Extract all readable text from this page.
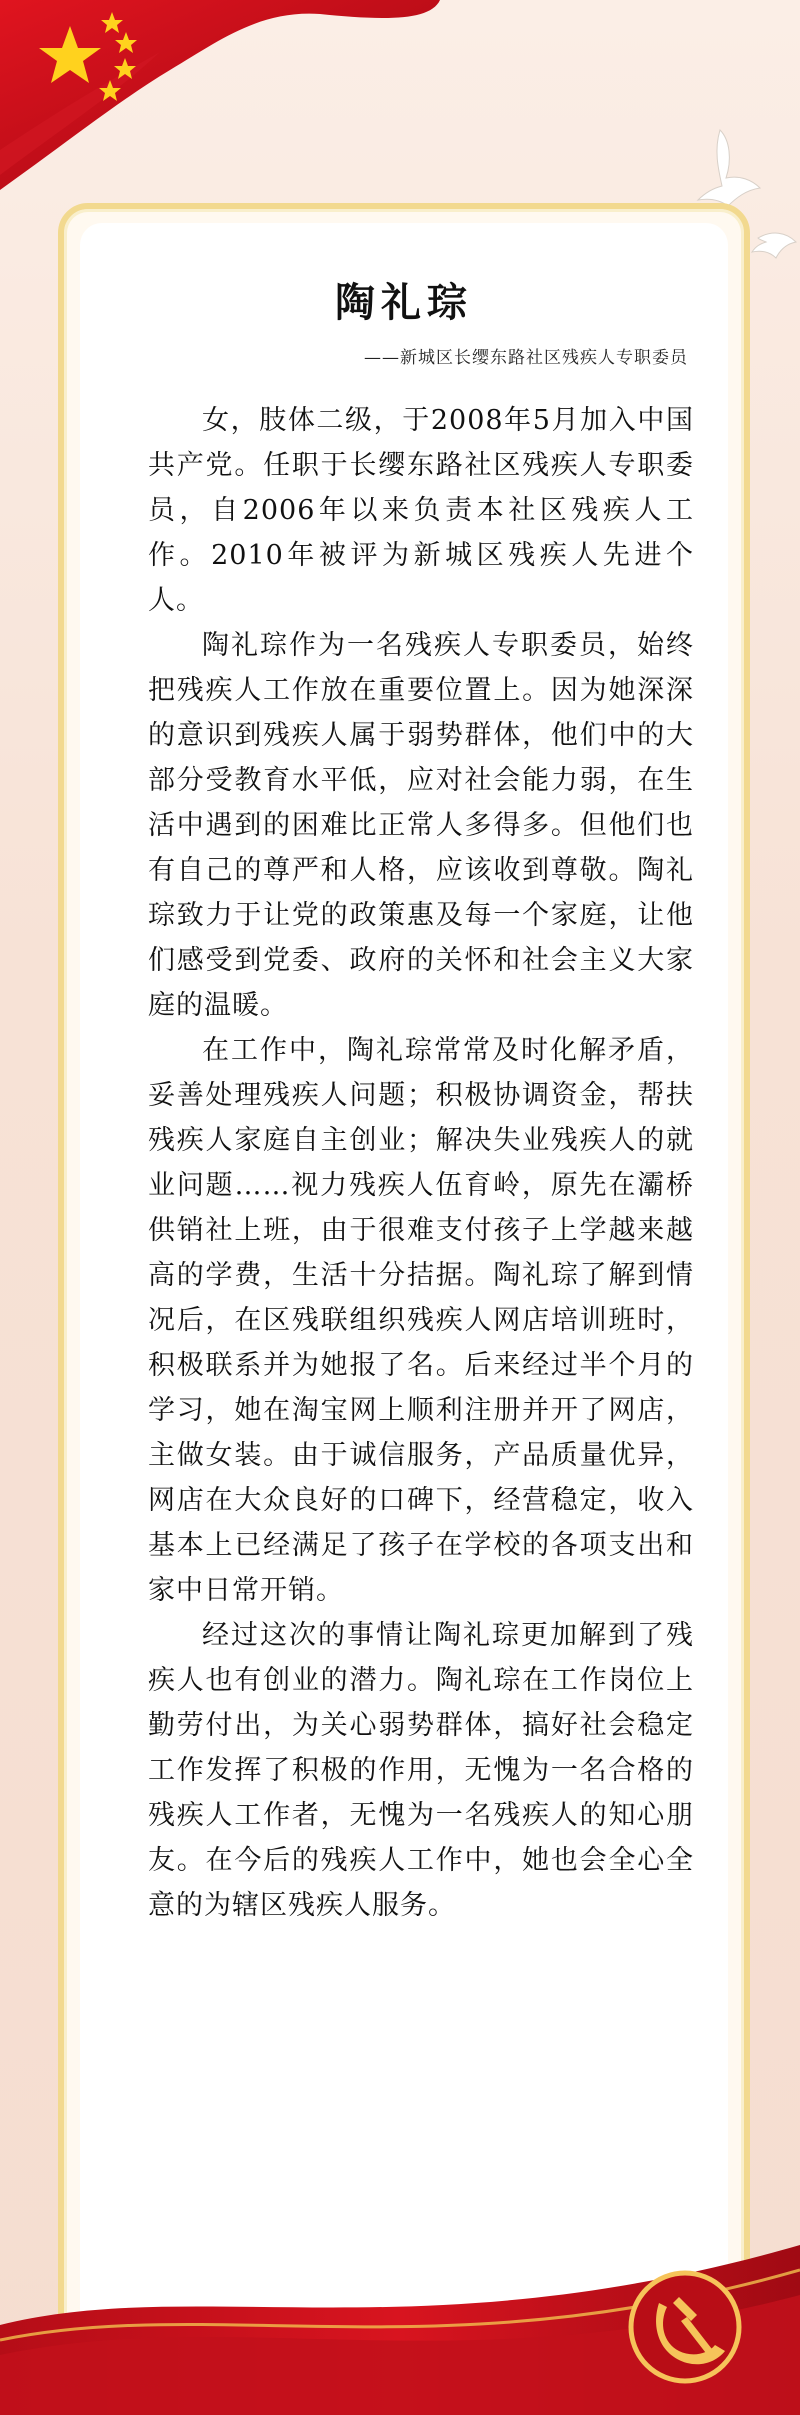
陶礼琮
——新城区长缨东路社区残疾人专职委员

女，肢体二级，于2008年5月加入中国共产党。任职于长缨东路社区残疾人专职委员，自2006年以来负责本社区残疾人工作。2010年被评为新城区残疾人先进个人。

陶礼琮作为一名残疾人专职委员，始终把残疾人工作放在重要位置上。因为她深深的意识到残疾人属于弱势群体，他们中的大部分受教育水平低，应对社会能力弱，在生活中遇到的困难比正常人多得多。但他们也有自己的尊严和人格，应该收到尊敬。陶礼琮致力于让党的政策惠及每一个家庭，让他们感受到党委、政府的关怀和社会主义大家庭的温暖。

在工作中，陶礼琮常常及时化解矛盾，妥善处理残疾人问题；积极协调资金，帮扶残疾人家庭自主创业；解决失业残疾人的就业问题……视力残疾人伍育岭，原先在灞桥供销社上班，由于很难支付孩子上学越来越高的学费，生活十分拮据。陶礼琮了解到情况后，在区残联组织残疾人网店培训班时，积极联系并为她报了名。后来经过半个月的学习，她在淘宝网上顺利注册并开了网店，主做女装。由于诚信服务，产品质量优异，网店在大众良好的口碑下，经营稳定，收入基本上已经满足了孩子在学校的各项支出和家中日常开销。

经过这次的事情让陶礼琮更加解到了残疾人也有创业的潜力。陶礼琮在工作岗位上勤劳付出，为关心弱势群体，搞好社会稳定工作发挥了积极的作用，无愧为一名合格的残疾人工作者，无愧为一名残疾人的知心朋友。在今后的残疾人工作中，她也会全心全意的为辖区残疾人服务。
